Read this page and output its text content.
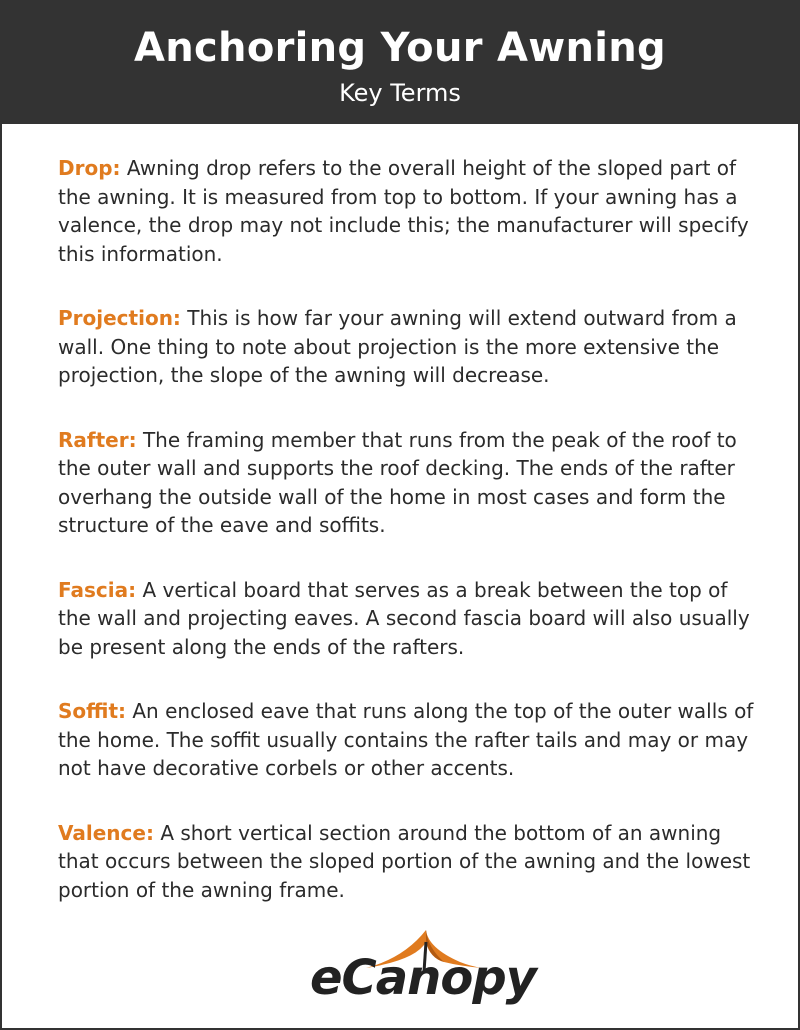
Anchoring Your Awning
Key Terms

Drop: Awning drop refers to the overall height of the sloped part of the awning. It is measured from top to bottom. If your awning has a valence, the drop may not include this; the manufacturer will specify this information.

Projection: This is how far your awning will extend outward from a wall. One thing to note about projection is the more extensive the projection, the slope of the awning will decrease.

Rafter: The framing member that runs from the peak of the roof to the outer wall and supports the roof decking. The ends of the rafter overhang the outside wall of the home in most cases and form the structure of the eave and soffits.

Fascia: A vertical board that serves as a break between the top of the wall and projecting eaves. A second fascia board will also usually be present along the ends of the rafters.

Soffit: An enclosed eave that runs along the top of the outer walls of the home. The soffit usually contains the rafter tails and may or may not have decorative corbels or other accents.

Valence: A short vertical section around the bottom of an awning that occurs between the sloped portion of the awning and the lowest portion of the awning frame.

eCanopy
